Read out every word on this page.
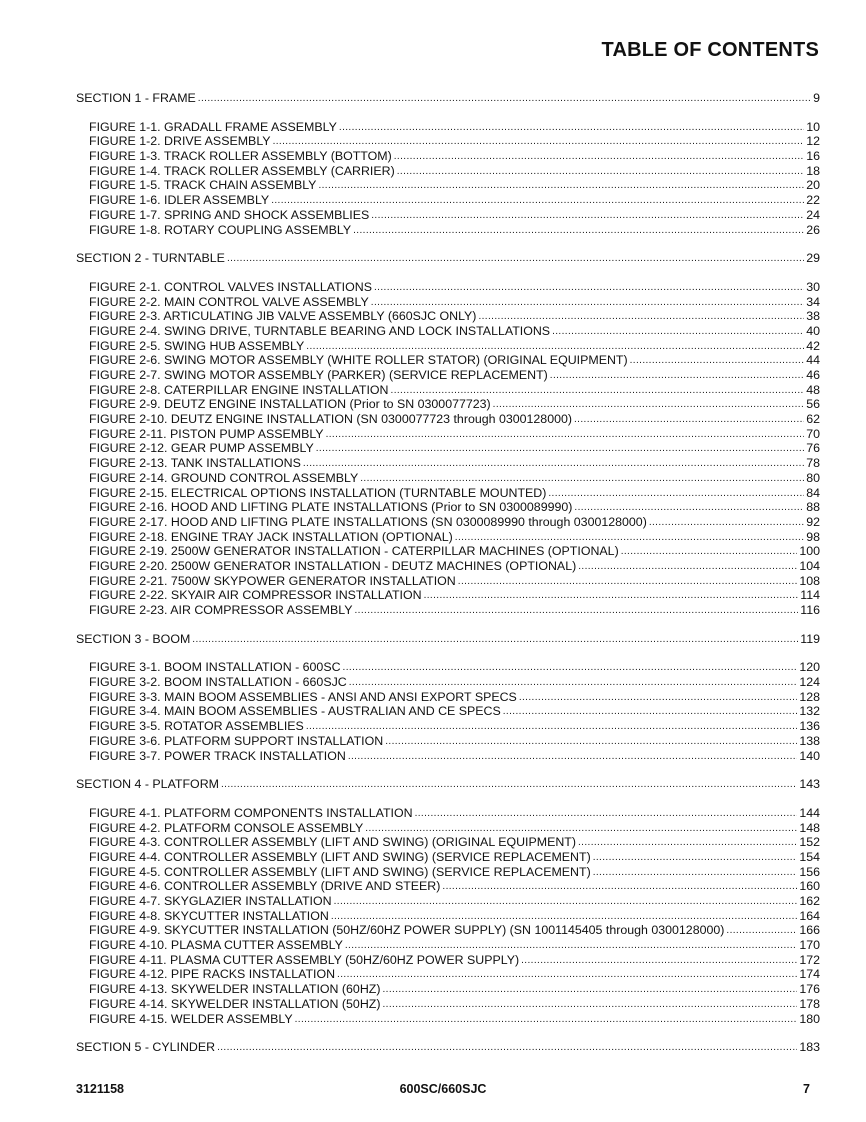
TABLE OF CONTENTS
SECTION 1 - FRAME .....	9
FIGURE 1-1. GRADALL FRAME ASSEMBLY .....	10
FIGURE 1-2. DRIVE ASSEMBLY .....	12
FIGURE 1-3. TRACK ROLLER ASSEMBLY (BOTTOM) .....	16
FIGURE 1-4. TRACK ROLLER ASSEMBLY (CARRIER) .....	18
FIGURE 1-5. TRACK CHAIN ASSEMBLY .....	20
FIGURE 1-6. IDLER ASSEMBLY .....	22
FIGURE 1-7. SPRING AND SHOCK ASSEMBLIES .....	24
FIGURE 1-8. ROTARY COUPLING ASSEMBLY .....	26
SECTION 2 - TURNTABLE .....	29
FIGURE 2-1. CONTROL VALVES INSTALLATIONS .....	30
FIGURE 2-2. MAIN CONTROL VALVE ASSEMBLY .....	34
FIGURE 2-3. ARTICULATING JIB VALVE ASSEMBLY (660SJC ONLY) .....	38
FIGURE 2-4. SWING DRIVE, TURNTABLE BEARING AND LOCK INSTALLATIONS .....	40
FIGURE 2-5. SWING HUB ASSEMBLY .....	42
FIGURE 2-6. SWING MOTOR ASSEMBLY (WHITE ROLLER STATOR) (ORIGINAL EQUIPMENT) .....	44
FIGURE 2-7. SWING MOTOR ASSEMBLY (PARKER) (SERVICE REPLACEMENT) .....	46
FIGURE 2-8. CATERPILLAR ENGINE INSTALLATION .....	48
FIGURE 2-9. DEUTZ ENGINE INSTALLATION (Prior to SN 0300077723) .....	56
FIGURE 2-10. DEUTZ ENGINE INSTALLATION (SN 0300077723 through 0300128000) .....	62
FIGURE 2-11. PISTON PUMP ASSEMBLY .....	70
FIGURE 2-12. GEAR PUMP ASSEMBLY .....	76
FIGURE 2-13. TANK INSTALLATIONS .....	78
FIGURE 2-14. GROUND CONTROL ASSEMBLY .....	80
FIGURE 2-15. ELECTRICAL OPTIONS INSTALLATION (TURNTABLE MOUNTED) .....	84
FIGURE 2-16. HOOD AND LIFTING PLATE INSTALLATIONS (Prior to SN 0300089990) .....	88
FIGURE 2-17. HOOD AND LIFTING PLATE INSTALLATIONS (SN 0300089990 through 0300128000) .....	92
FIGURE 2-18. ENGINE TRAY JACK INSTALLATION (OPTIONAL) .....	98
FIGURE 2-19. 2500W GENERATOR INSTALLATION - CATERPILLAR MACHINES (OPTIONAL) .....	100
FIGURE 2-20. 2500W GENERATOR INSTALLATION - DEUTZ MACHINES (OPTIONAL) .....	104
FIGURE 2-21. 7500W SKYPOWER GENERATOR INSTALLATION .....	108
FIGURE 2-22. SKYAIR AIR COMPRESSOR INSTALLATION .....	114
FIGURE 2-23. AIR COMPRESSOR ASSEMBLY .....	116
SECTION 3 - BOOM .....	119
FIGURE 3-1. BOOM INSTALLATION - 600SC .....	120
FIGURE 3-2. BOOM INSTALLATION - 660SJC .....	124
FIGURE 3-3. MAIN BOOM ASSEMBLIES - ANSI AND ANSI EXPORT SPECS .....	128
FIGURE 3-4. MAIN BOOM ASSEMBLIES - AUSTRALIAN AND CE SPECS .....	132
FIGURE 3-5. ROTATOR ASSEMBLIES .....	136
FIGURE 3-6. PLATFORM SUPPORT INSTALLATION .....	138
FIGURE 3-7. POWER TRACK INSTALLATION .....	140
SECTION 4 - PLATFORM .....	143
FIGURE 4-1. PLATFORM COMPONENTS INSTALLATION .....	144
FIGURE 4-2. PLATFORM CONSOLE ASSEMBLY .....	148
FIGURE 4-3. CONTROLLER ASSEMBLY (LIFT AND SWING) (ORIGINAL EQUIPMENT) .....	152
FIGURE 4-4. CONTROLLER ASSEMBLY (LIFT AND SWING) (SERVICE REPLACEMENT) .....	154
FIGURE 4-5. CONTROLLER ASSEMBLY (LIFT AND SWING) (SERVICE REPLACEMENT) .....	156
FIGURE 4-6. CONTROLLER ASSEMBLY (DRIVE AND STEER) .....	160
FIGURE 4-7. SKYGLAZIER INSTALLATION .....	162
FIGURE 4-8. SKYCUTTER INSTALLATION .....	164
FIGURE 4-9. SKYCUTTER INSTALLATION (50HZ/60HZ POWER SUPPLY) (SN 1001145405 through 0300128000) .....	166
FIGURE 4-10. PLASMA CUTTER ASSEMBLY .....	170
FIGURE 4-11. PLASMA CUTTER ASSEMBLY (50HZ/60HZ POWER SUPPLY) .....	172
FIGURE 4-12. PIPE RACKS INSTALLATION .....	174
FIGURE 4-13. SKYWELDER INSTALLATION (60HZ) .....	176
FIGURE 4-14. SKYWELDER INSTALLATION (50HZ) .....	178
FIGURE 4-15. WELDER ASSEMBLY .....	180
SECTION 5 - CYLINDER .....	183
3121158	600SC/660SJC	7
